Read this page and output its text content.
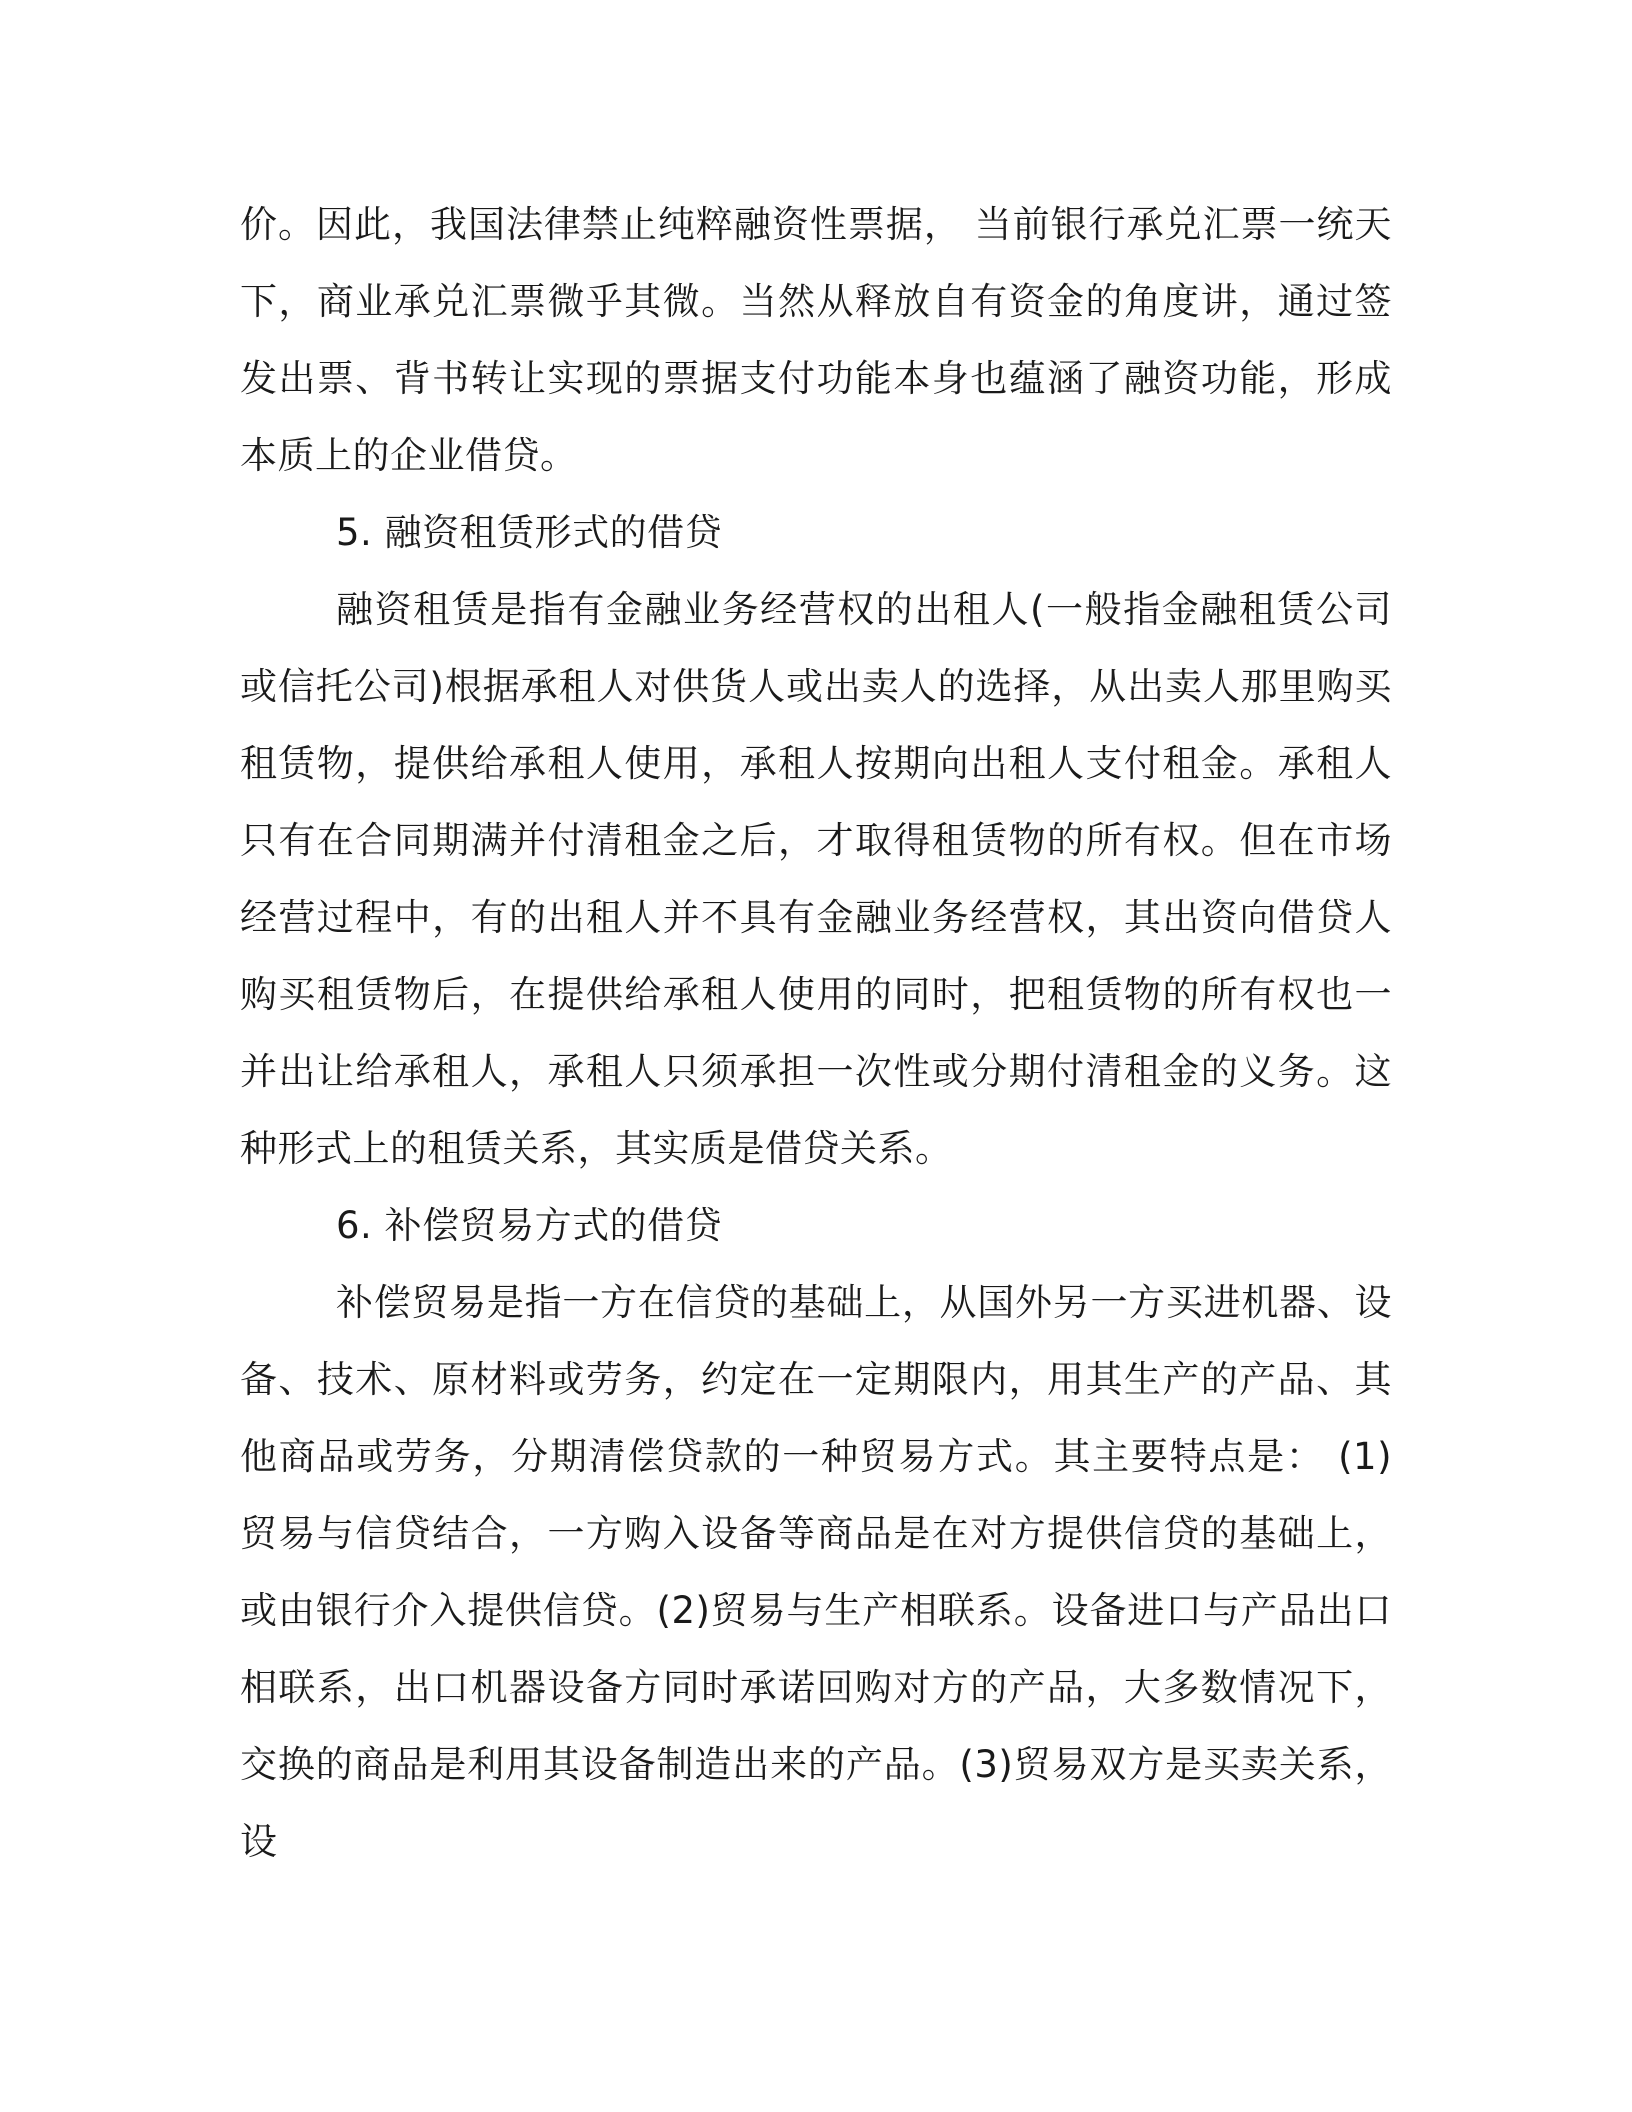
价。因此，我国法律禁止纯粹融资性票据， 当前银行承兑汇票一统天下，商业承兑汇票微乎其微。当然从释放自有资金的角度讲，通过签发出票、背书转让实现的票据支付功能本身也蕴涵了融资功能，形成本质上的企业借贷。

5. 融资租赁形式的借贷

融资租赁是指有金融业务经营权的出租人(一般指金融租赁公司或信托公司)根据承租人对供货人或出卖人的选择，从出卖人那里购买租赁物，提供给承租人使用，承租人按期向出租人支付租金。承租人只有在合同期满并付清租金之后，才取得租赁物的所有权。但在市场经营过程中，有的出租人并不具有金融业务经营权，其出资向借贷人购买租赁物后，在提供给承租人使用的同时，把租赁物的所有权也一并出让给承租人，承租人只须承担一次性或分期付清租金的义务。这种形式上的租赁关系，其实质是借贷关系。

6. 补偿贸易方式的借贷

补偿贸易是指一方在信贷的基础上，从国外另一方买进机器、设备、技术、原材料或劳务，约定在一定期限内，用其生产的产品、其他商品或劳务，分期清偿贷款的一种贸易方式。其主要特点是： (1)贸易与信贷结合，一方购入设备等商品是在对方提供信贷的基础上，或由银行介入提供信贷。(2)贸易与生产相联系。设备进口与产品出口相联系，出口机器设备方同时承诺回购对方的产品，大多数情况下，交换的商品是利用其设备制造出来的产品。(3)贸易双方是买卖关系，设
